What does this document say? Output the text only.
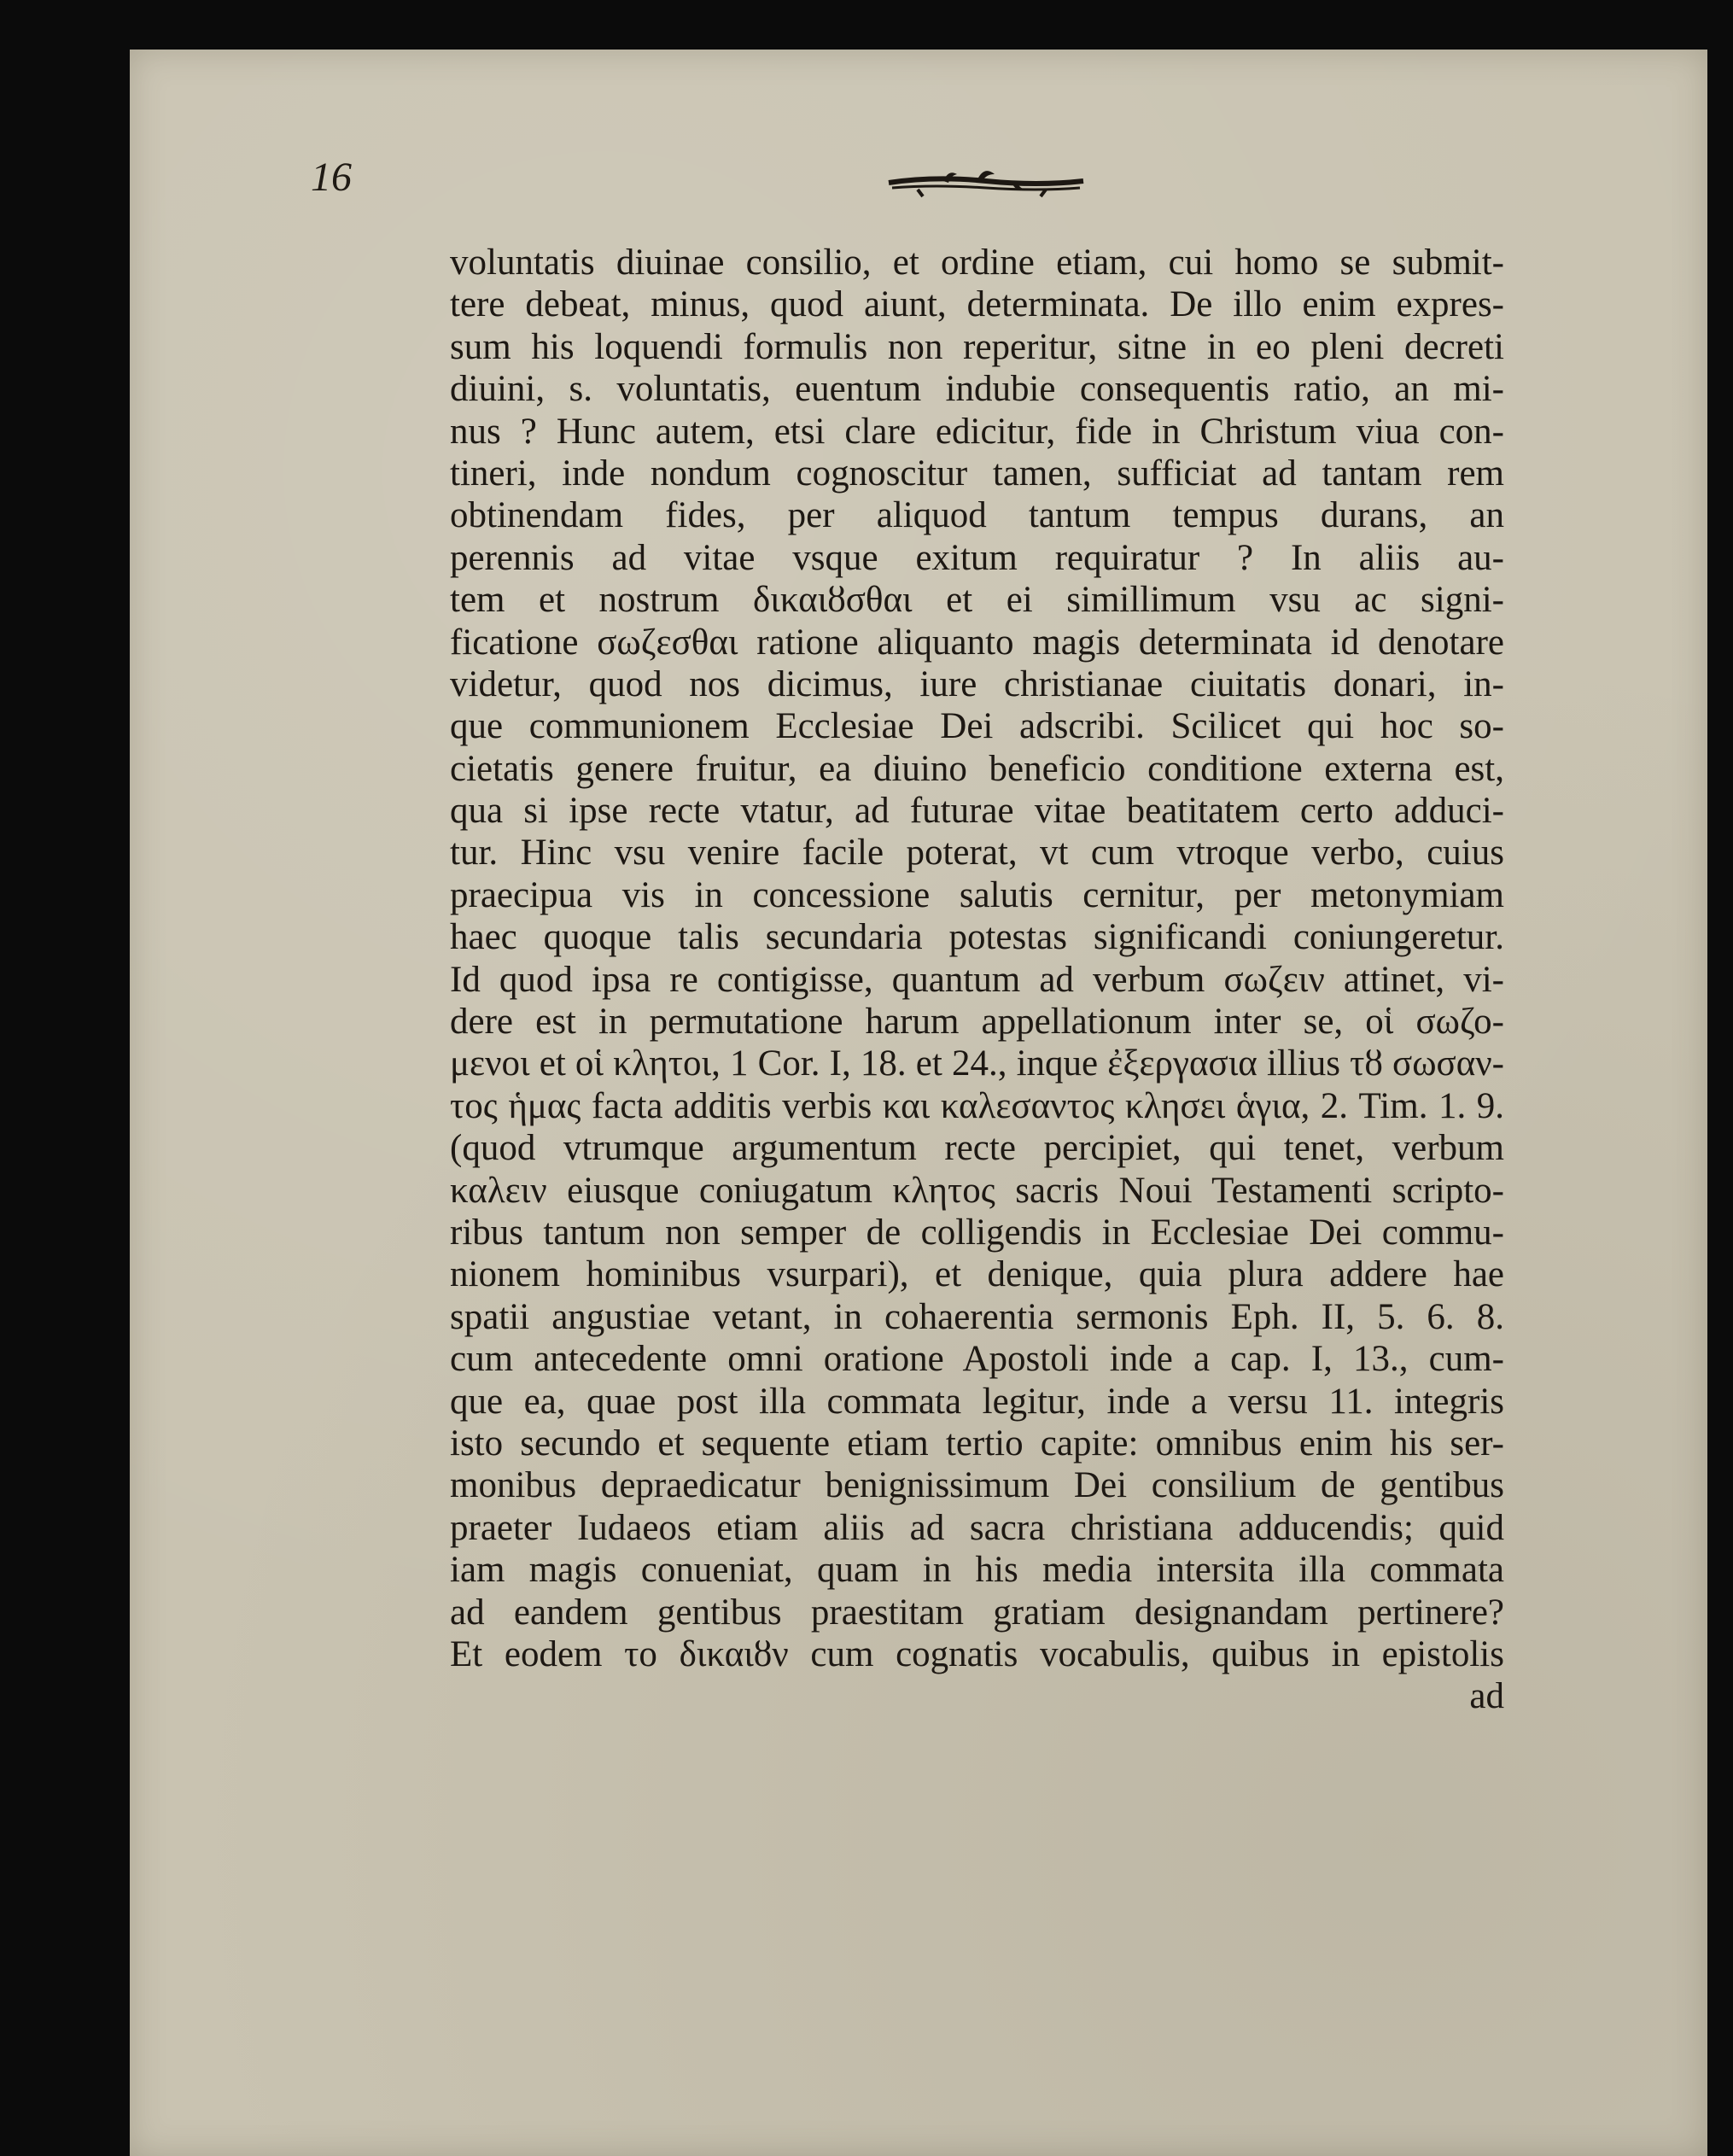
16
voluntatis diuinae consilio, et ordine etiam, cui homo se submit-
tere debeat, minus, quod aiunt, determinata. De illo enim expres-
sum his loquendi formulis non reperitur, sitne in eo pleni decreti
diuini, s. voluntatis, euentum indubie consequentis ratio, an mi-
nus ? Hunc autem, etsi clare edicitur, fide in Christum viua con-
tineri, inde nondum cognoscitur tamen, sufficiat ad tantam rem
obtinendam fides, per aliquod tantum tempus durans, an
perennis ad vitae vsque exitum requiratur ? In aliis au-
tem et nostrum δικαιȣσθαι et ei simillimum vsu ac signi-
ficatione σωζεσθαι ratione aliquanto magis determinata id denotare
videtur, quod nos dicimus, iure christianae ciuitatis donari, in-
que communionem Ecclesiae Dei adscribi. Scilicet qui hoc so-
cietatis genere fruitur, ea diuino beneficio conditione externa est,
qua si ipse recte vtatur, ad futurae vitae beatitatem certo adduci-
tur. Hinc vsu venire facile poterat, vt cum vtroque verbo, cuius
praecipua vis in concessione salutis cernitur, per metonymiam
haec quoque talis secundaria potestas significandi coniungeretur.
Id quod ipsa re contigisse, quantum ad verbum σωζειν attinet, vi-
dere est in permutatione harum appellationum inter se, οἱ σωζο-
μενοι et οἱ κλητοι, 1 Cor. I, 18. et 24., inque ἐξεργασια illius τȣ σωσαν-
τος ἡμας facta additis verbis και καλεσαντος κλησει ἁγια, 2. Tim. 1. 9.
(quod vtrumque argumentum recte percipiet, qui tenet, verbum
καλειν eiusque coniugatum κλητος sacris Noui Testamenti scripto-
ribus tantum non semper de colligendis in Ecclesiae Dei commu-
nionem hominibus vsurpari), et denique, quia plura addere hae
spatii angustiae vetant, in cohaerentia sermonis Eph. II, 5. 6. 8.
cum antecedente omni oratione Apostoli inde a cap. I, 13., cum-
que ea, quae post illa commata legitur, inde a versu 11. integris
isto secundo et sequente etiam tertio capite: omnibus enim his ser-
monibus depraedicatur benignissimum Dei consilium de gentibus
praeter Iudaeos etiam aliis ad sacra christiana adducendis; quid
iam magis conueniat, quam in his media intersita illa commata
ad eandem gentibus praestitam gratiam designandam pertinere?
Et eodem το δικαιȣν cum cognatis vocabulis, quibus in epistolis
ad
